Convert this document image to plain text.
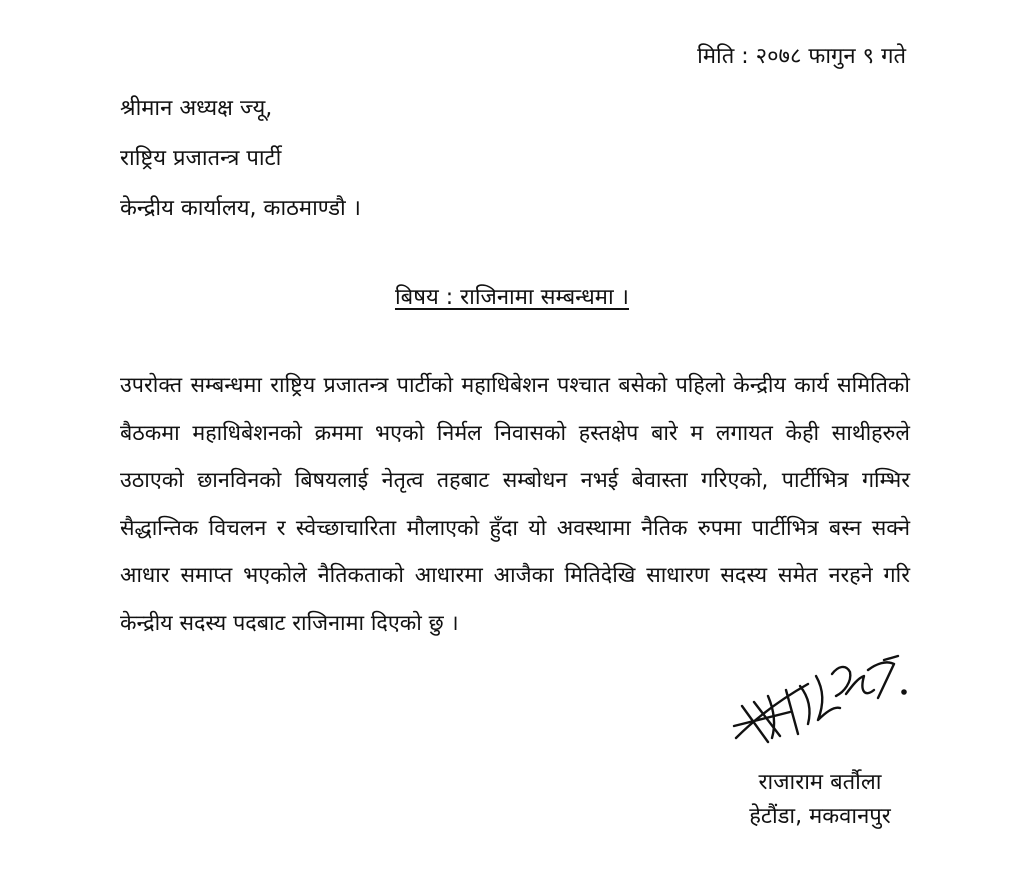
मिति : २०७८ फागुन ९ गते
श्रीमान अध्यक्ष ज्यू,
राष्ट्रिय प्रजातन्त्र पार्टी
केन्द्रीय कार्यालय, काठमाण्डौ ।
बिषय : राजिनामा सम्बन्धमा ।

उपरोक्त सम्बन्धमा राष्ट्रिय प्रजातन्त्र पार्टीको महाधिबेशन पश्चात बसेको पहिलो केन्द्रीय कार्य समितिको बैठकमा महाधिबेशनको क्रममा भएको निर्मल निवासको हस्तक्षेप बारे म लगायत केही साथीहरुले उठाएको छानविनको बिषयलाई नेतृत्व तहबाट सम्बोधन नभई बेवास्ता गरिएको, पार्टीभित्र गम्भिर सैद्धान्तिक विचलन र स्वेच्छाचारिता मौलाएको हुँदा यो अवस्थामा नैतिक रुपमा पार्टीभित्र बस्न सक्ने आधार समाप्त भएकोले नैतिकताको आधारमा आजैका मितिदेखि साधारण सदस्य समेत नरहने गरि केन्द्रीय सदस्य पदबाट राजिनामा दिएको छु ।

राजाराम बर्तौला
हेटौंडा, मकवानपुर
